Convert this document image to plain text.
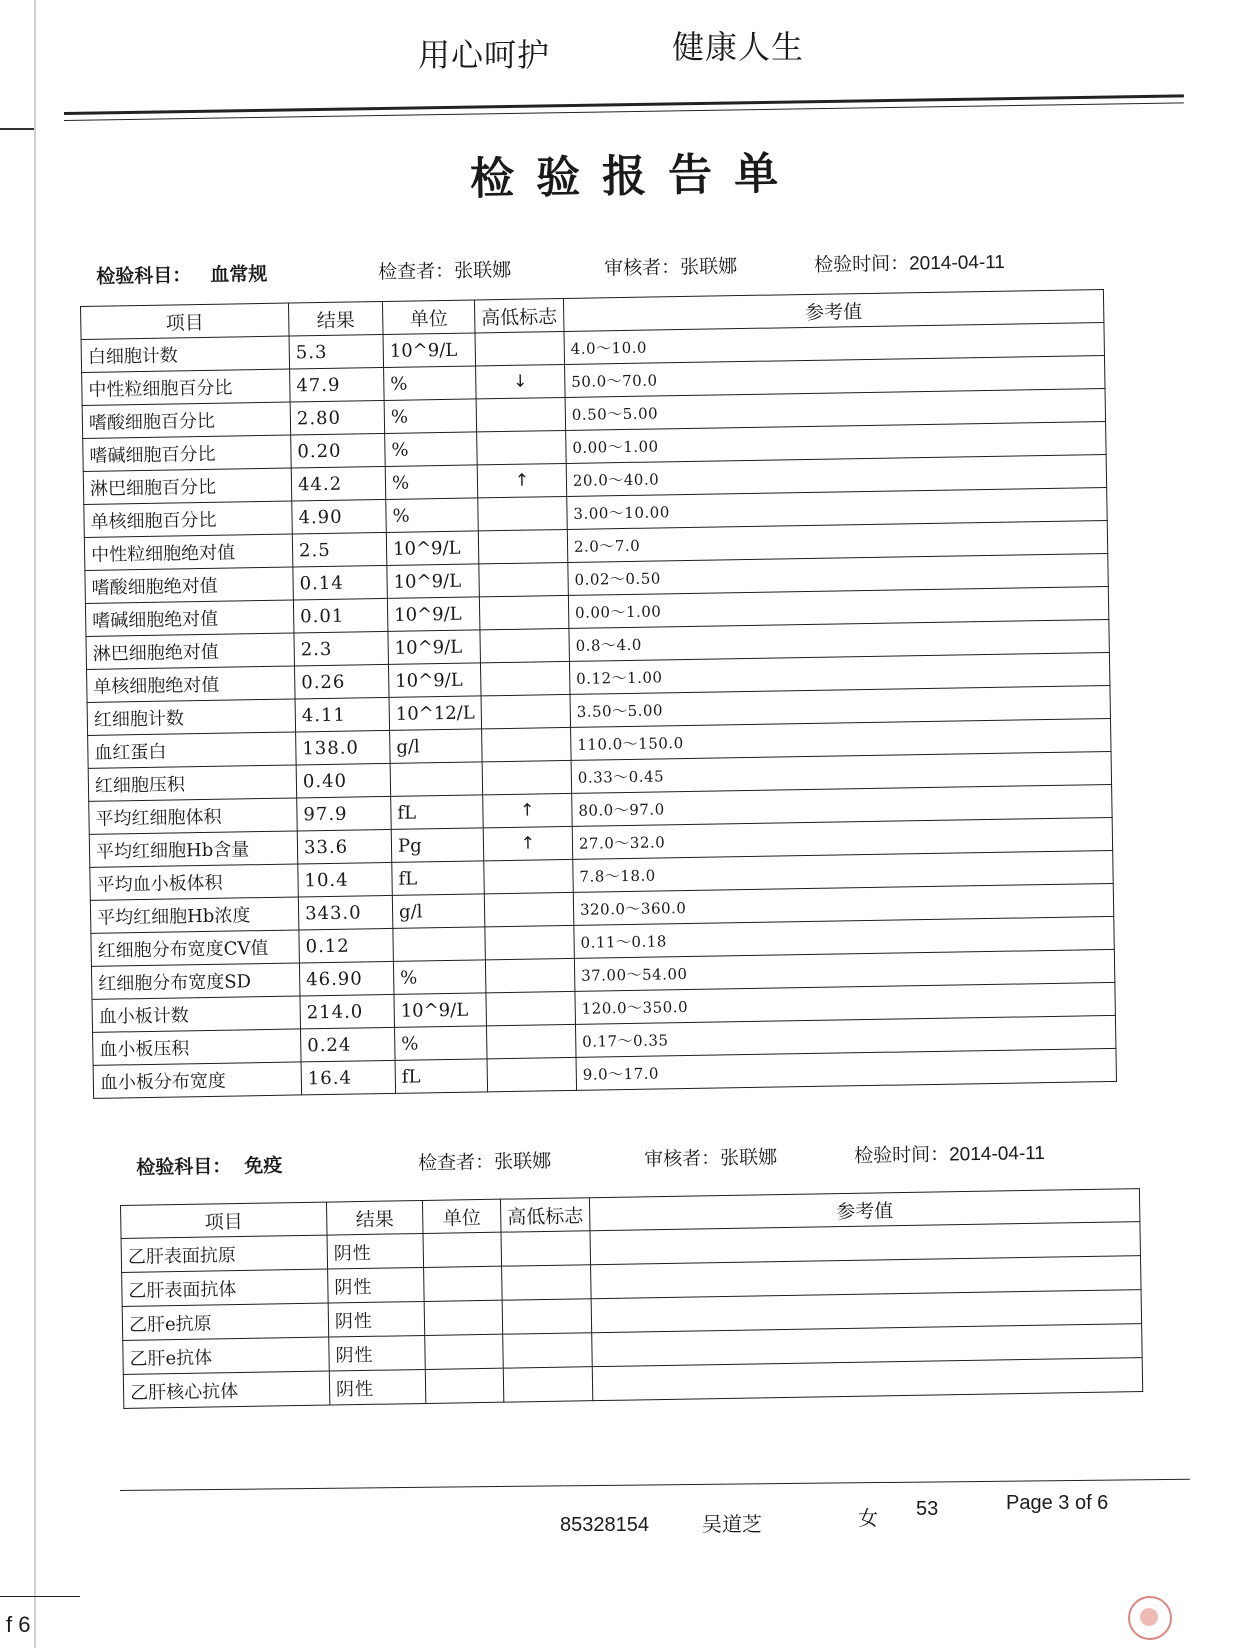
f 6
用心呵护	健康人生
检验报告单
检验科目： 血常规	检查者：张联娜	审核者：张联娜	检验时间：2014-04-11
项目	结果	单位	高低标志	参考值
白细胞计数	5.3	10^9/L		4.0～10.0
中性粒细胞百分比	47.9	%	↓	50.0～70.0
嗜酸细胞百分比	2.80	%		0.50～5.00
嗜碱细胞百分比	0.20	%		0.00～1.00
淋巴细胞百分比	44.2	%	↑	20.0～40.0
单核细胞百分比	4.90	%		3.00～10.00
中性粒细胞绝对值	2.5	10^9/L		2.0～7.0
嗜酸细胞绝对值	0.14	10^9/L		0.02～0.50
嗜碱细胞绝对值	0.01	10^9/L		0.00～1.00
淋巴细胞绝对值	2.3	10^9/L		0.8～4.0
单核细胞绝对值	0.26	10^9/L		0.12～1.00
红细胞计数	4.11	10^12/L		3.50～5.00
血红蛋白	138.0	g/l		110.0～150.0
红细胞压积	0.40			0.33～0.45
平均红细胞体积	97.9	fL	↑	80.0～97.0
平均红细胞Hb含量	33.6	Pg	↑	27.0～32.0
平均血小板体积	10.4	fL		7.8～18.0
平均红细胞Hb浓度	343.0	g/l		320.0～360.0
红细胞分布宽度CV值	0.12			0.11～0.18
红细胞分布宽度SD	46.90	%		37.00～54.00
血小板计数	214.0	10^9/L		120.0～350.0
血小板压积	0.24	%		0.17～0.35
血小板分布宽度	16.4	fL		9.0～17.0
检验科目： 免疫	检查者：张联娜	审核者：张联娜	检验时间：2014-04-11
项目	结果	单位	高低标志	参考值
乙肝表面抗原	阴性			
乙肝表面抗体	阴性			
乙肝e抗原	阴性			
乙肝e抗体	阴性			
乙肝核心抗体	阴性			
85328154	吴道芝	女 53	Page 3 of 6
